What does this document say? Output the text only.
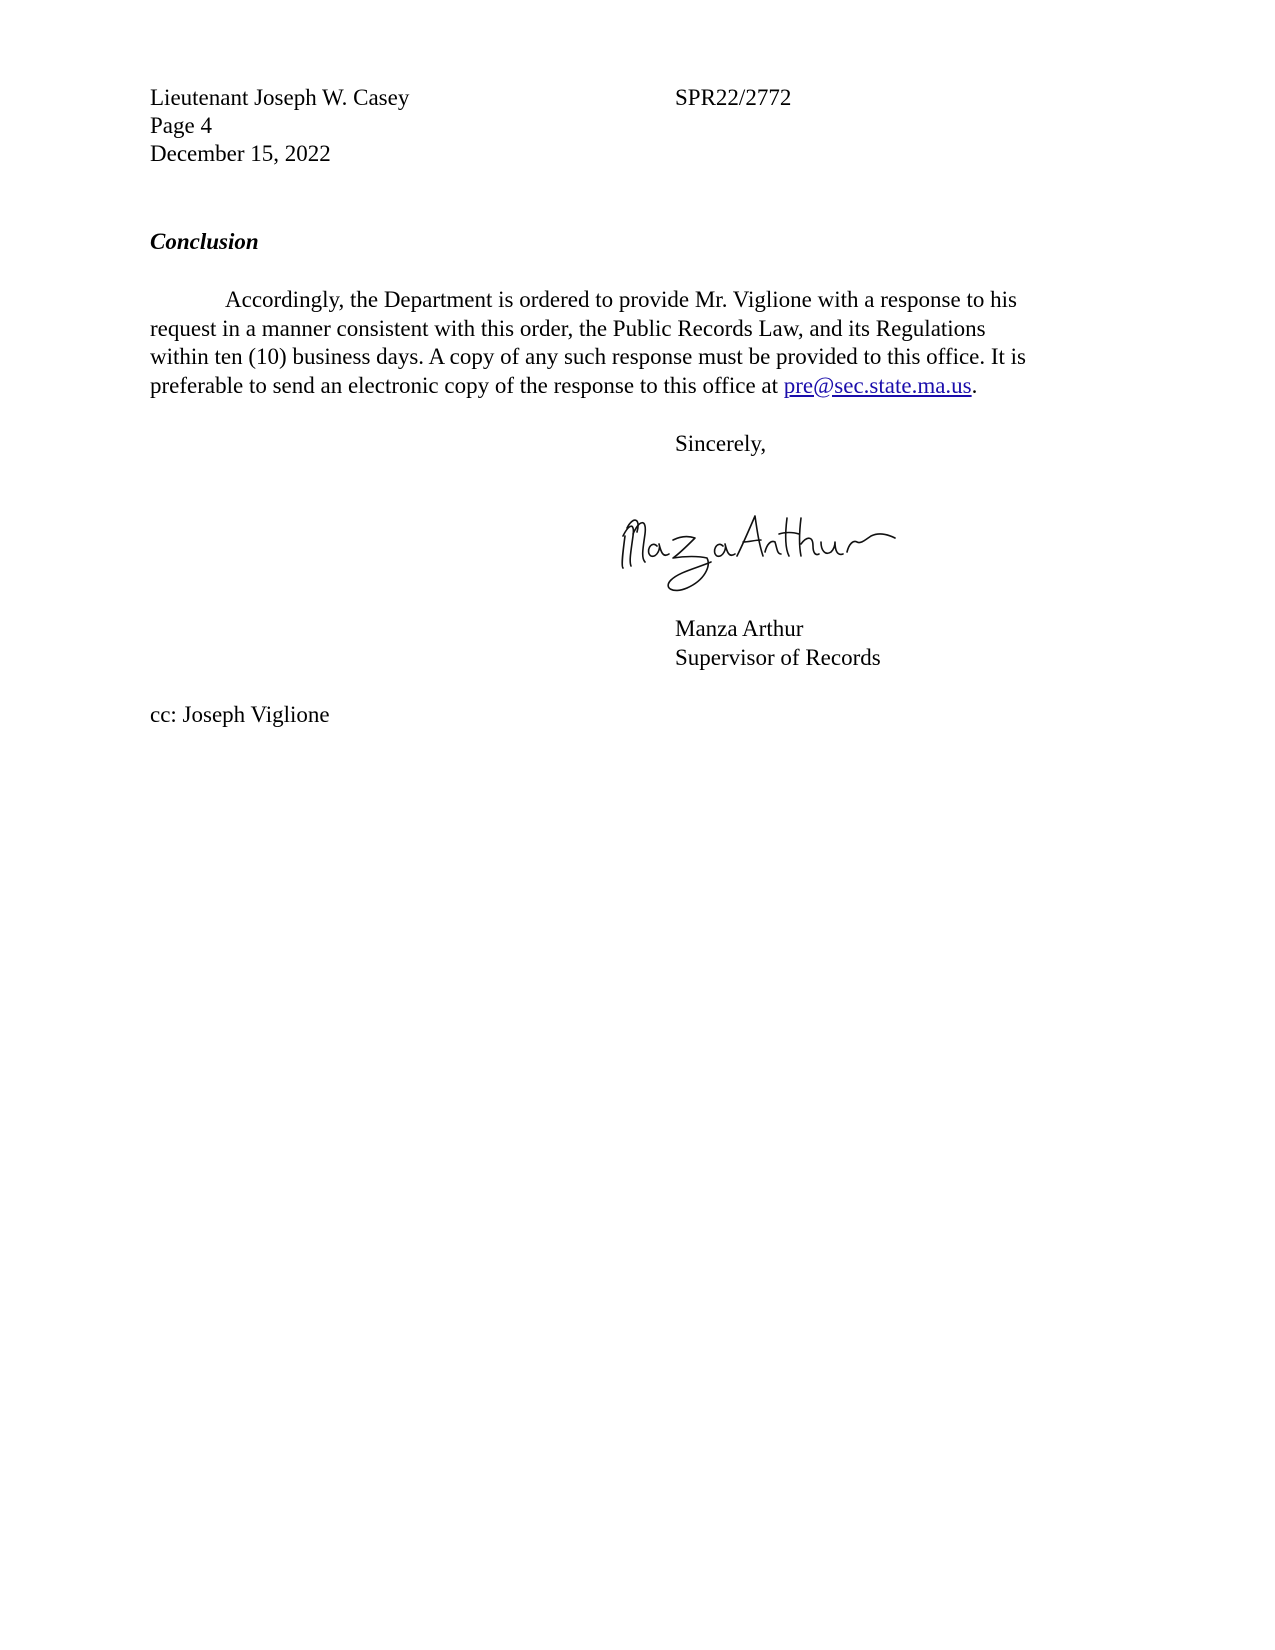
Lieutenant Joseph W. Casey
Page 4
December 15, 2022
SPR22/2772
Conclusion
Accordingly, the Department is ordered to provide Mr. Viglione with a response to his
request in a manner consistent with this order, the Public Records Law, and its Regulations
within ten (10) business days. A copy of any such response must be provided to this office. It is
preferable to send an electronic copy of the response to this office at pre@sec.state.ma.us.
Sincerely,
Manza Arthur
Supervisor of Records
cc: Joseph Viglione
